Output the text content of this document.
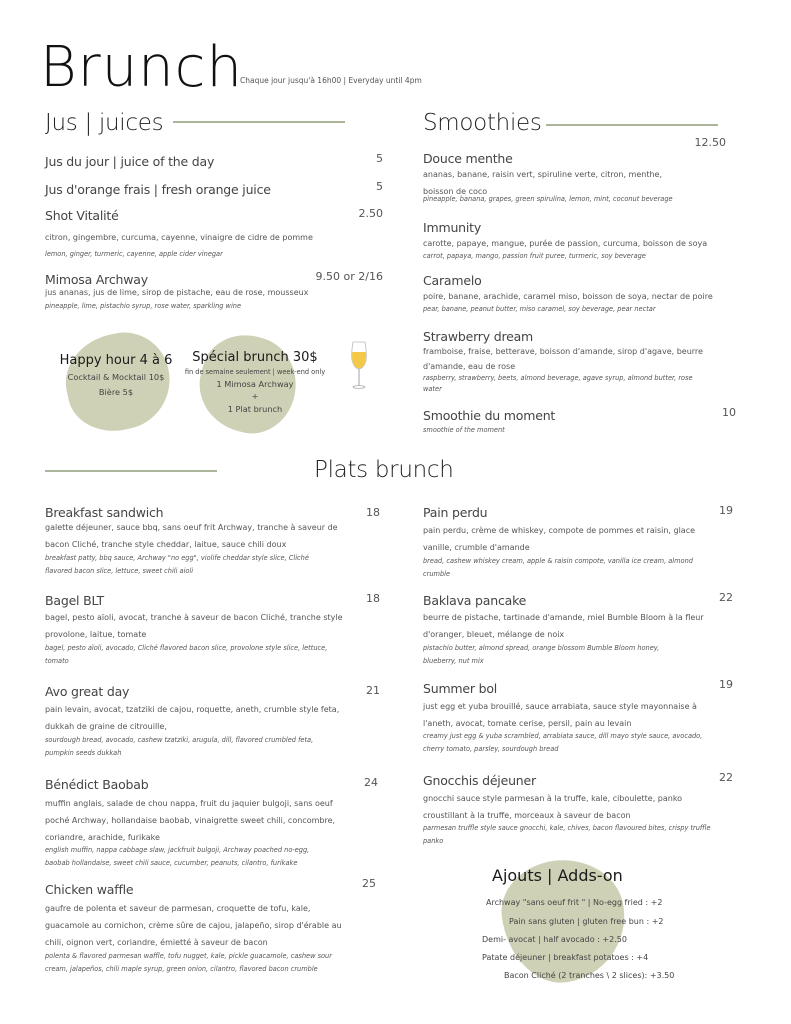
Brunch
Chaque jour jusqu'à 16h00 | Everyday until 4pm
Jus | juices
Jus du jour | juice of the day	5
Jus d'orange frais | fresh orange juice	5
Shot Vitalité	2.50
citron, gingembre, curcuma, cayenne, vinaigre de cidre de pomme
lemon, ginger, turmeric, cayenne, apple cider vinegar
Mimosa Archway	9.50 or 2/16
jus ananas, jus de lime, sirop de pistache, eau de rose, mousseux
pineapple, lime, pistachio syrup, rose water, sparkling wine
Happy hour 4 à 6
Cocktail & Mocktail 10$
Bière 5$
Spécial brunch 30$
fin de semaine seulement | week-end only
1 Mimosa Archway
+
1 Plat brunch
Smoothies
12.50
Douce menthe
ananas, banane, raisin vert, spiruline verte, citron, menthe, boisson de coco
pineapple, banana, grapes, green spirulina, lemon, mint, coconut beverage
Immunity
carotte, papaye, mangue, purée de passion, curcuma, boisson de soya
carrot, papaya, mango, passion fruit puree, turmeric, soy beverage
Caramelo
poire, banane, arachide, caramel miso, boisson de soya, nectar de poire
pear, banane, peanut butter, miso caramel, soy beverage, pear nectar
Strawberry dream
framboise, fraise, betterave, boisson d'amande, sirop d'agave, beurre d'amande, eau de rose
raspberry, strawberry, beets, almond beverage, agave syrup, almond butter, rose water
Smoothie du moment	10
smoothie of the moment
Plats brunch
Breakfast sandwich	18
galette déjeuner, sauce bbq, sans oeuf frit Archway, tranche à saveur de bacon Cliché, tranche style cheddar, laitue, sauce chili doux
breakfast patty, bbq sauce, Archway "no egg", violife cheddar style slice, Cliché flavored bacon slice, lettuce, sweet chili aioli
Bagel BLT	18
bagel, pesto aïoli, avocat, tranche à saveur de bacon Cliché, tranche style provolone, laitue, tomate
bagel, pesto aïoli, avocado, Cliché flavored bacon slice, provolone style slice, lettuce, tomato
Avo great day	21
pain levain, avocat, tzatziki de cajou, roquette, aneth, crumble style feta, dukkah de graine de citrouille,
sourdough bread, avocado, cashew tzatziki, arugula, dill, flavored crumbled feta, pumpkin seeds dukkah
Bénédict Baobab	24
muffin anglais, salade de chou nappa, fruit du jaquier bulgoji, sans oeuf poché Archway, hollandaise baobab, vinaigrette sweet chili, concombre, coriandre, arachide, furikake
english muffin, nappa cabbage slaw, jackfruit bulgoji, Archway poached no-egg, baobab hollandaise, sweet chili sauce, cucumber, peanuts, cilantro, furikake
Chicken waffle	25
gaufre de polenta et saveur de parmesan, croquette de tofu, kale, guacamole au cornichon, crème sûre de cajou, jalapeño, sirop d'érable au chili, oignon vert, coriandre, émietté à saveur de bacon
polenta & flavored parmesan waffle, tofu nugget, kale, pickle guacamole, cashew sour cream, jalapeños, chili maple syrup, green onion, cilantro, flavored bacon crumble
Pain perdu	19
pain perdu, crème de whiskey, compote de pommes et raisin, glace vanille, crumble d'amande
bread, cashew whiskey cream, apple & raisin compote, vanilla ice cream, almond crumble
Baklava pancake	22
beurre de pistache, tartinade d'amande, miel Bumble Bloom à la fleur d'oranger, bleuet, mélange de noix
pistachio butter, almond spread, orange blossom Bumble Bloom honey, blueberry, nut mix
Summer bol	19
just egg et yuba brouillé, sauce arrabiata, sauce style mayonnaise à l'aneth, avocat, tomate cerise, persil, pain au levain
creamy just egg & yuba scrambled, arrabiata sauce, dill mayo style sauce, avocado, cherry tomato, parsley, sourdough bread
Gnocchis déjeuner	22
gnocchi sauce style parmesan à la truffe, kale, ciboulette, panko croustillant à la truffe, morceaux à saveur de bacon
parmesan truffle style sauce gnocchi, kale, chives, bacon flavoured bites, crispy truffle panko
Ajouts | Adds-on
Archway "sans oeuf frit " | No-egg fried : +2
Pain sans gluten | gluten free bun : +2
Demi- avocat | half avocado : +2.50
Patate déjeuner | breakfast potatoes : +4
Bacon Cliché (2 tranches \ 2 slices): +3.50
